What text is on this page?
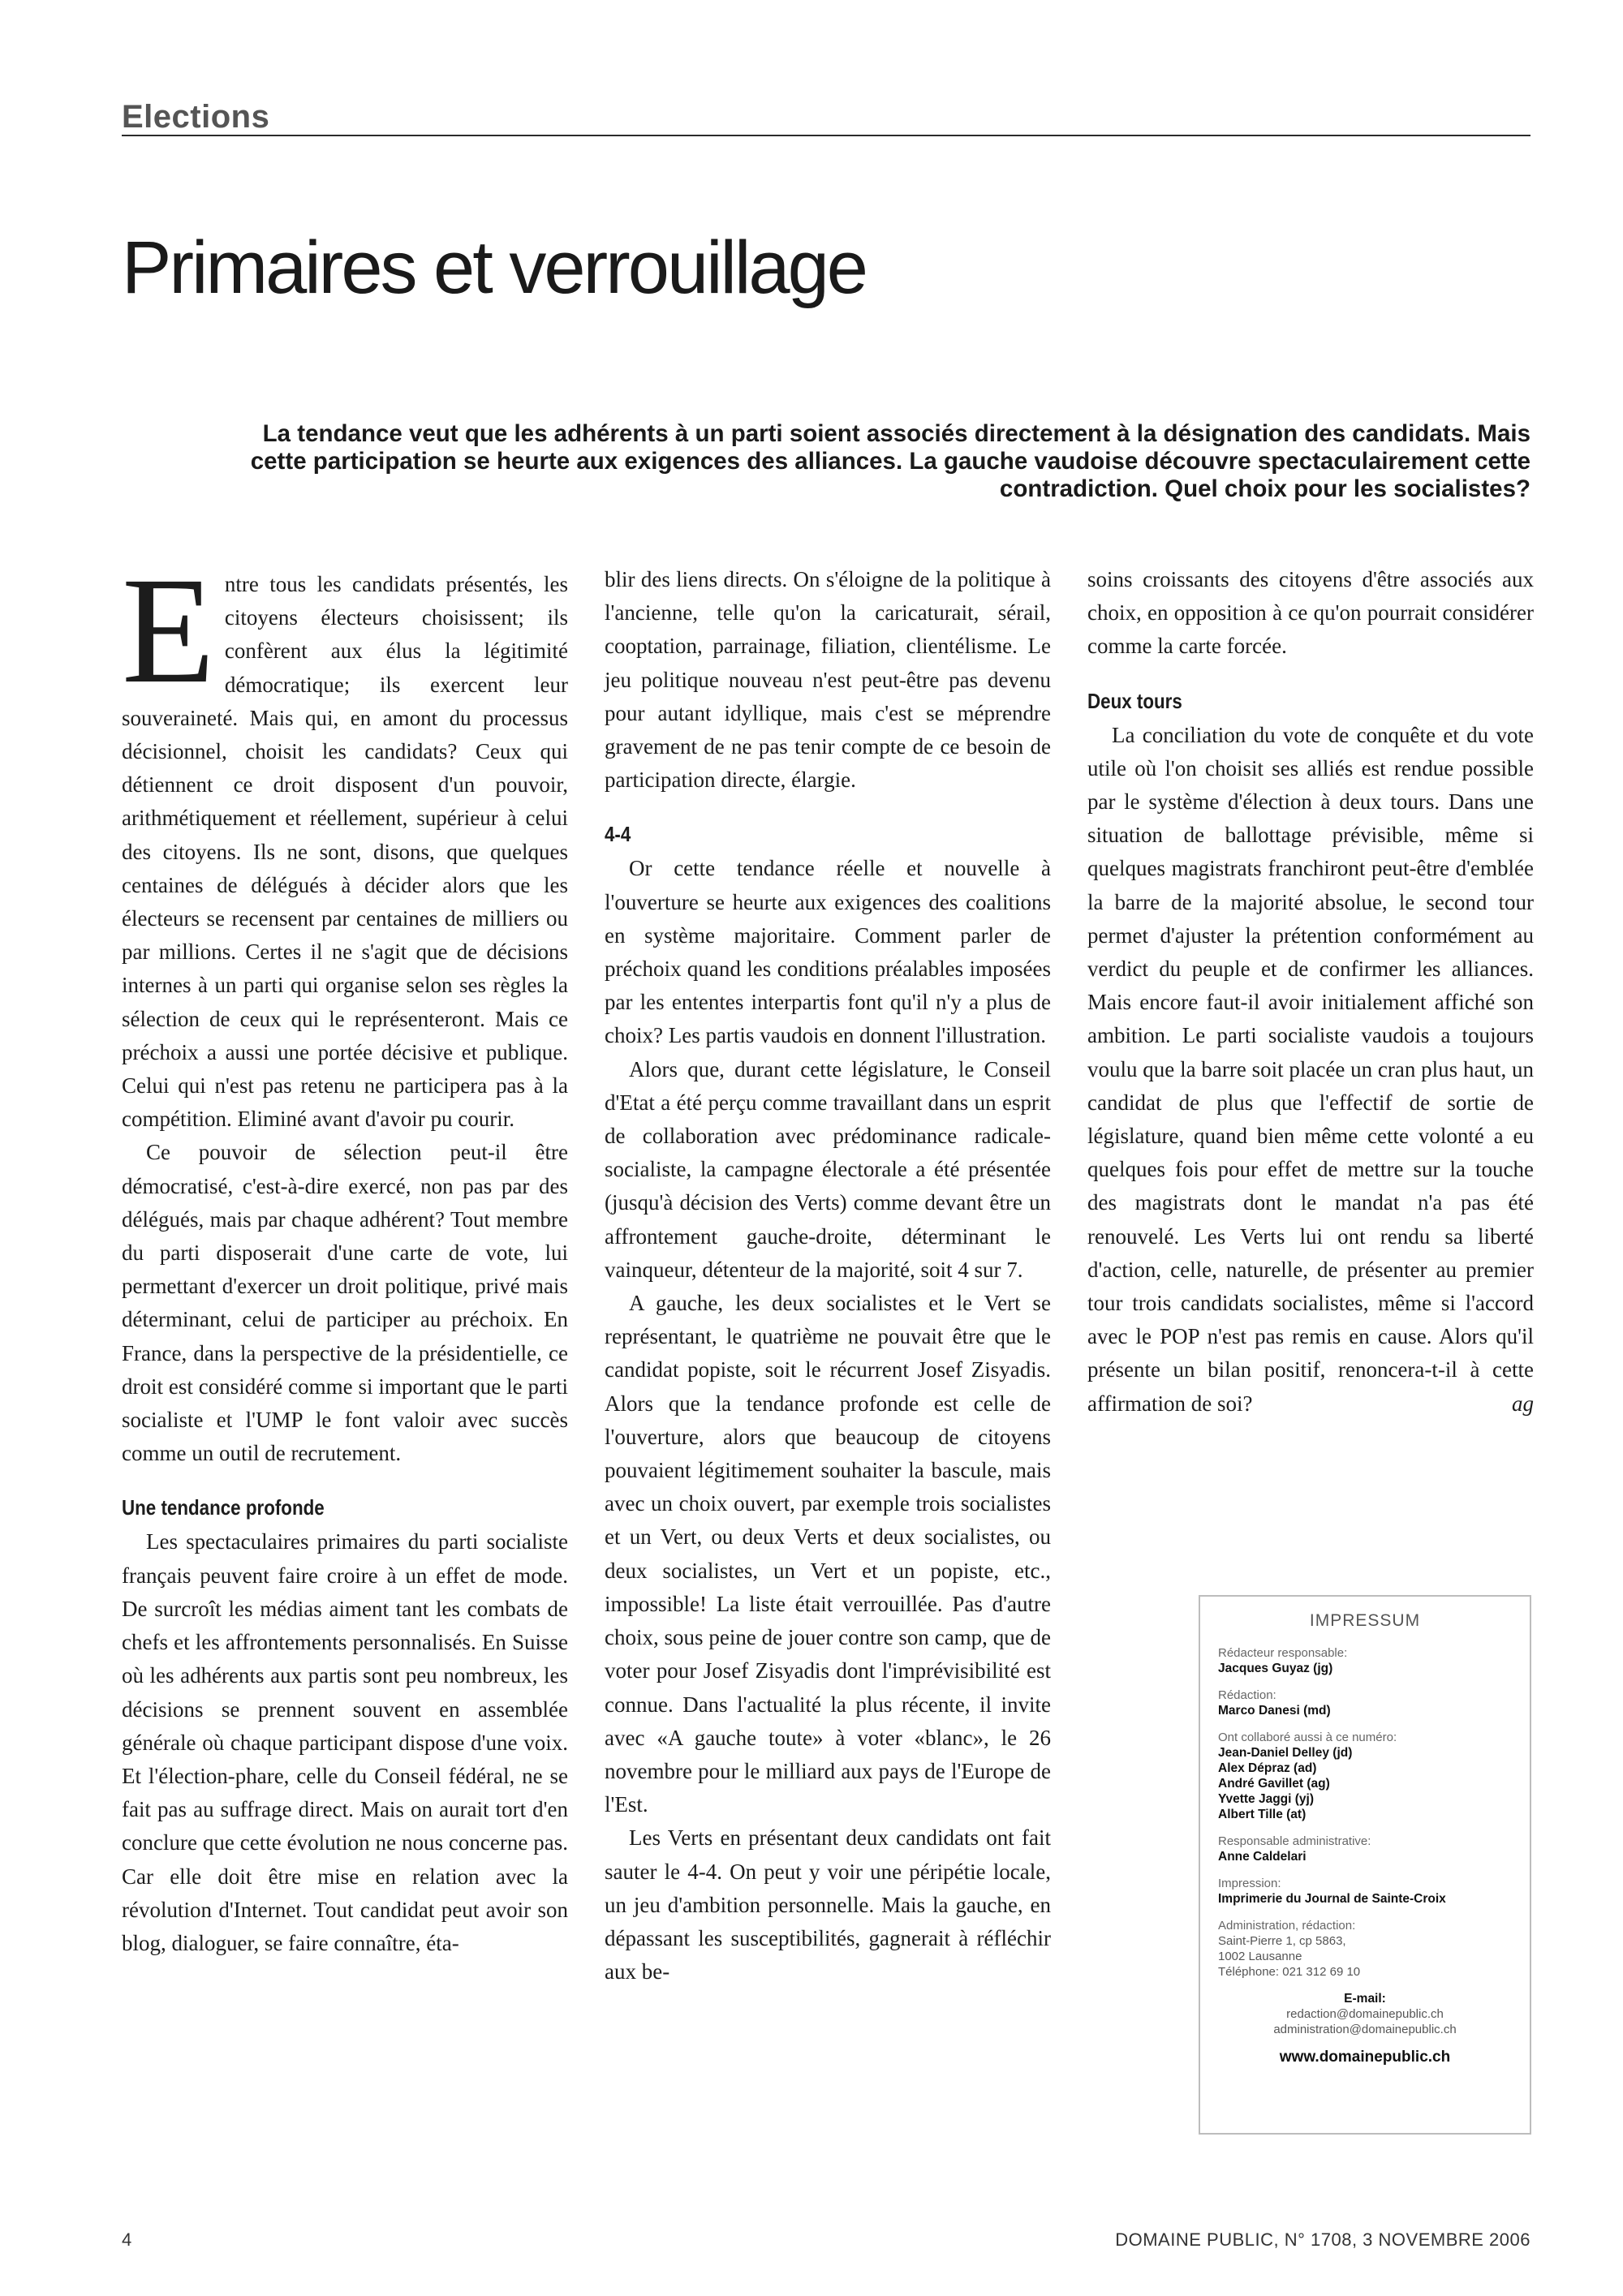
Elections
Primaires et verrouillage
La tendance veut que les adhérents à un parti soient associés directement à la désignation des candidats. Mais cette participation se heurte aux exigences des alliances. La gauche vaudoise découvre spectaculairement cette contradiction. Quel choix pour les socialistes?

Entre tous les candidats présentés, les citoyens électeurs choisissent; ils confèrent aux élus la légitimité démocratique; ils exercent leur souveraineté. Mais qui, en amont du processus décisionnel, choisit les candidats? Ceux qui détiennent ce droit disposent d'un pouvoir, arithmétiquement et réellement, supérieur à celui des citoyens. Ils ne sont, disons, que quelques centaines de délégués à décider alors que les électeurs se recensent par centaines de milliers ou par millions. Certes il ne s'agit que de décisions internes à un parti qui organise selon ses règles la sélection de ceux qui le représenteront. Mais ce préchoix a aussi une portée décisive et publique. Celui qui n'est pas retenu ne participera pas à la compétition. Eliminé avant d'avoir pu courir.

Ce pouvoir de sélection peut-il être démocratisé, c'est-à-dire exercé, non pas par des délégués, mais par chaque adhérent? Tout membre du parti disposerait d'une carte de vote, lui permettant d'exercer un droit politique, privé mais déterminant, celui de participer au préchoix. En France, dans la perspective de la présidentielle, ce droit est considéré comme si important que le parti socialiste et l'UMP le font valoir avec succès comme un outil de recrutement.

Une tendance profonde

Les spectaculaires primaires du parti socialiste français peuvent faire croire à un effet de mode. De surcroît les médias aiment tant les combats de chefs et les affrontements personnalisés. En Suisse où les adhérents aux partis sont peu nombreux, les décisions se prennent souvent en assemblée générale où chaque participant dispose d'une voix. Et l'élection-phare, celle du Conseil fédéral, ne se fait pas au suffrage direct. Mais on aurait tort d'en conclure que cette évolution ne nous concerne pas. Car elle doit être mise en relation avec la révolution d'Internet. Tout candidat peut avoir son blog, dialoguer, se faire connaître, éta-

blir des liens directs. On s'éloigne de la politique à l'ancienne, telle qu'on la caricaturait, sérail, cooptation, parrainage, filiation, clientélisme. Le jeu politique nouveau n'est peut-être pas devenu pour autant idyllique, mais c'est se méprendre gravement de ne pas tenir compte de ce besoin de participation directe, élargie.

4-4

Or cette tendance réelle et nouvelle à l'ouverture se heurte aux exigences des coalitions en système majoritaire. Comment parler de préchoix quand les conditions préalables imposées par les ententes interpartis font qu'il n'y a plus de choix? Les partis vaudois en donnent l'illustration.

Alors que, durant cette législature, le Conseil d'Etat a été perçu comme travaillant dans un esprit de collaboration avec prédominance radicale-socialiste, la campagne électorale a été présentée (jusqu'à décision des Verts) comme devant être un affrontement gauche-droite, déterminant le vainqueur, détenteur de la majorité, soit 4 sur 7.

A gauche, les deux socialistes et le Vert se représentant, le quatrième ne pouvait être que le candidat popiste, soit le récurrent Josef Zisyadis. Alors que la tendance profonde est celle de l'ouverture, alors que beaucoup de citoyens pouvaient légitimement souhaiter la bascule, mais avec un choix ouvert, par exemple trois socialistes et un Vert, ou deux Verts et deux socialistes, ou deux socialistes, un Vert et un popiste, etc., impossible! La liste était verrouillée. Pas d'autre choix, sous peine de jouer contre son camp, que de voter pour Josef Zisyadis dont l'imprévisibilité est connue. Dans l'actualité la plus récente, il invite avec «A gauche toute» à voter «blanc», le 26 novembre pour le milliard aux pays de l'Europe de l'Est.

Les Verts en présentant deux candidats ont fait sauter le 4-4. On peut y voir une péripétie locale, un jeu d'ambition personnelle. Mais la gauche, en dépassant les susceptibilités, gagnerait à réfléchir aux be-

soins croissants des citoyens d'être associés aux choix, en opposition à ce qu'on pourrait considérer comme la carte forcée.

Deux tours

La conciliation du vote de conquête et du vote utile où l'on choisit ses alliés est rendue possible par le système d'élection à deux tours. Dans une situation de ballottage prévisible, même si quelques magistrats franchiront peut-être d'emblée la barre de la majorité absolue, le second tour permet d'ajuster la prétention conformément au verdict du peuple et de confirmer les alliances. Mais encore faut-il avoir initialement affiché son ambition. Le parti socialiste vaudois a toujours voulu que la barre soit placée un cran plus haut, un candidat de plus que l'effectif de sortie de législature, quand bien même cette volonté a eu quelques fois pour effet de mettre sur la touche des magistrats dont le mandat n'a pas été renouvelé. Les Verts lui ont rendu sa liberté d'action, celle, naturelle, de présenter au premier tour trois candidats socialistes, même si l'accord avec le POP n'est pas remis en cause. Alors qu'il présente un bilan positif, renoncera-t-il à cette affirmation de soi?	ag

IMPRESSUM
Rédacteur responsable:
Jacques Guyaz (jg)
Rédaction:
Marco Danesi (md)
Ont collaboré aussi à ce numéro:
Jean-Daniel Delley (jd)
Alex Dépraz (ad)
André Gavillet (ag)
Yvette Jaggi (yj)
Albert Tille (at)
Responsable administrative:
Anne Caldelari
Impression:
Imprimerie du Journal de Sainte-Croix
Administration, rédaction:
Saint-Pierre 1, cp 5863,
1002 Lausanne
Téléphone: 021 312 69 10
E-mail:
redaction@domainepublic.ch
administration@domainepublic.ch
www.domainepublic.ch
4	DOMAINE PUBLIC, N° 1708, 3 NOVEMBRE 2006
